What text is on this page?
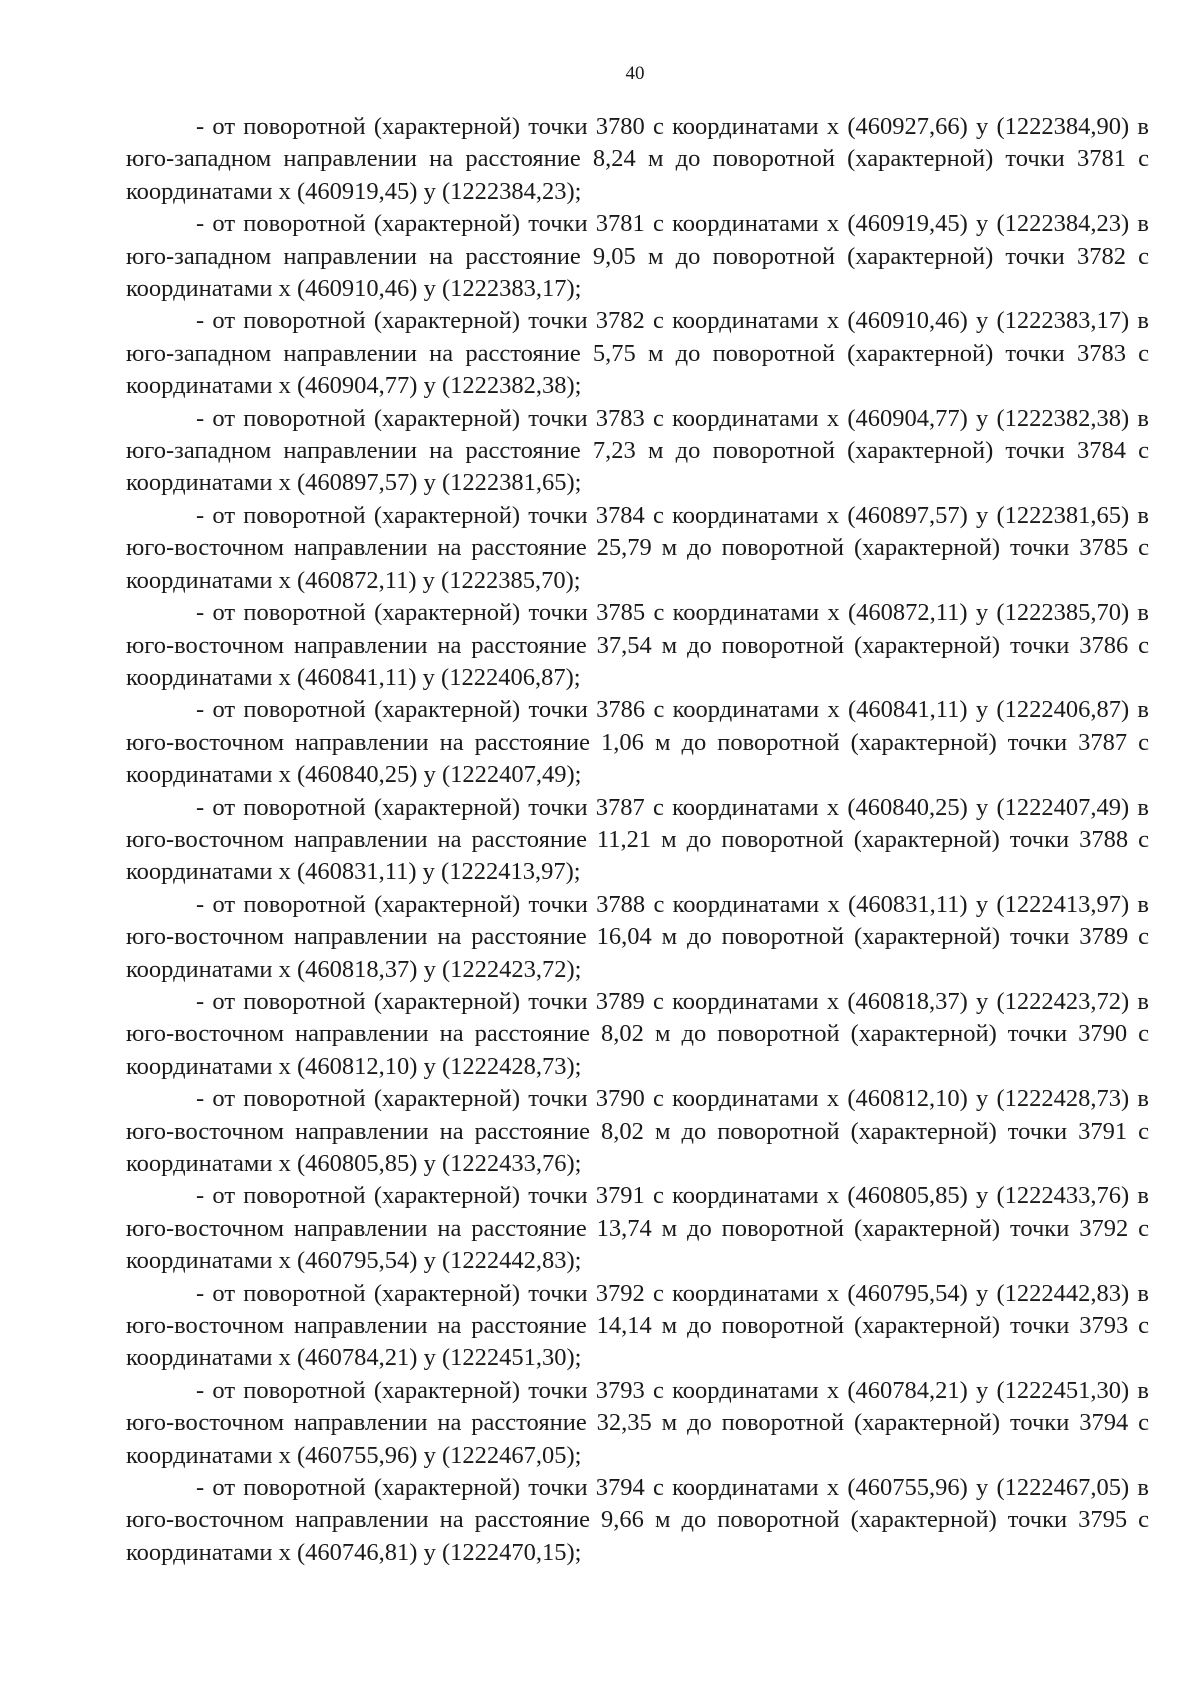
40

- от поворотной (характерной) точки 3780 с координатами x (460927,66) y (1222384,90) в юго-западном направлении на расстояние 8,24 м до поворотной (характерной) точки 3781 с координатами x (460919,45) y (1222384,23);

- от поворотной (характерной) точки 3781 с координатами x (460919,45) y (1222384,23) в юго-западном направлении на расстояние 9,05 м до поворотной (характерной) точки 3782 с координатами x (460910,46) y (1222383,17);

- от поворотной (характерной) точки 3782 с координатами x (460910,46) y (1222383,17) в юго-западном направлении на расстояние 5,75 м до поворотной (характерной) точки 3783 с координатами x (460904,77) y (1222382,38);

- от поворотной (характерной) точки 3783 с координатами x (460904,77) y (1222382,38) в юго-западном направлении на расстояние 7,23 м до поворотной (характерной) точки 3784 с координатами x (460897,57) y (1222381,65);

- от поворотной (характерной) точки 3784 с координатами x (460897,57) y (1222381,65) в юго-восточном направлении на расстояние 25,79 м до поворотной (характерной) точки 3785 с координатами x (460872,11) y (1222385,70);

- от поворотной (характерной) точки 3785 с координатами x (460872,11) y (1222385,70) в юго-восточном направлении на расстояние 37,54 м до поворотной (характерной) точки 3786 с координатами x (460841,11) y (1222406,87);

- от поворотной (характерной) точки 3786 с координатами x (460841,11) y (1222406,87) в юго-восточном направлении на расстояние 1,06 м до поворотной (характерной) точки 3787 с координатами x (460840,25) y (1222407,49);

- от поворотной (характерной) точки 3787 с координатами x (460840,25) y (1222407,49) в юго-восточном направлении на расстояние 11,21 м до поворотной (характерной) точки 3788 с координатами x (460831,11) y (1222413,97);

- от поворотной (характерной) точки 3788 с координатами x (460831,11) y (1222413,97) в юго-восточном направлении на расстояние 16,04 м до поворотной (характерной) точки 3789 с координатами x (460818,37) y (1222423,72);

- от поворотной (характерной) точки 3789 с координатами x (460818,37) y (1222423,72) в юго-восточном направлении на расстояние 8,02 м до поворотной (характерной) точки 3790 с координатами x (460812,10) y (1222428,73);

- от поворотной (характерной) точки 3790 с координатами x (460812,10) y (1222428,73) в юго-восточном направлении на расстояние 8,02 м до поворотной (характерной) точки 3791 с координатами x (460805,85) y (1222433,76);

- от поворотной (характерной) точки 3791 с координатами x (460805,85) y (1222433,76) в юго-восточном направлении на расстояние 13,74 м до поворотной (характерной) точки 3792 с координатами x (460795,54) y (1222442,83);

- от поворотной (характерной) точки 3792 с координатами x (460795,54) y (1222442,83) в юго-восточном направлении на расстояние 14,14 м до поворотной (характерной) точки 3793 с координатами x (460784,21) y (1222451,30);

- от поворотной (характерной) точки 3793 с координатами x (460784,21) y (1222451,30) в юго-восточном направлении на расстояние 32,35 м до поворотной (характерной) точки 3794 с координатами x (460755,96) y (1222467,05);

- от поворотной (характерной) точки 3794 с координатами x (460755,96) y (1222467,05) в юго-восточном направлении на расстояние 9,66 м до поворотной (характерной) точки 3795 с координатами x (460746,81) y (1222470,15);
